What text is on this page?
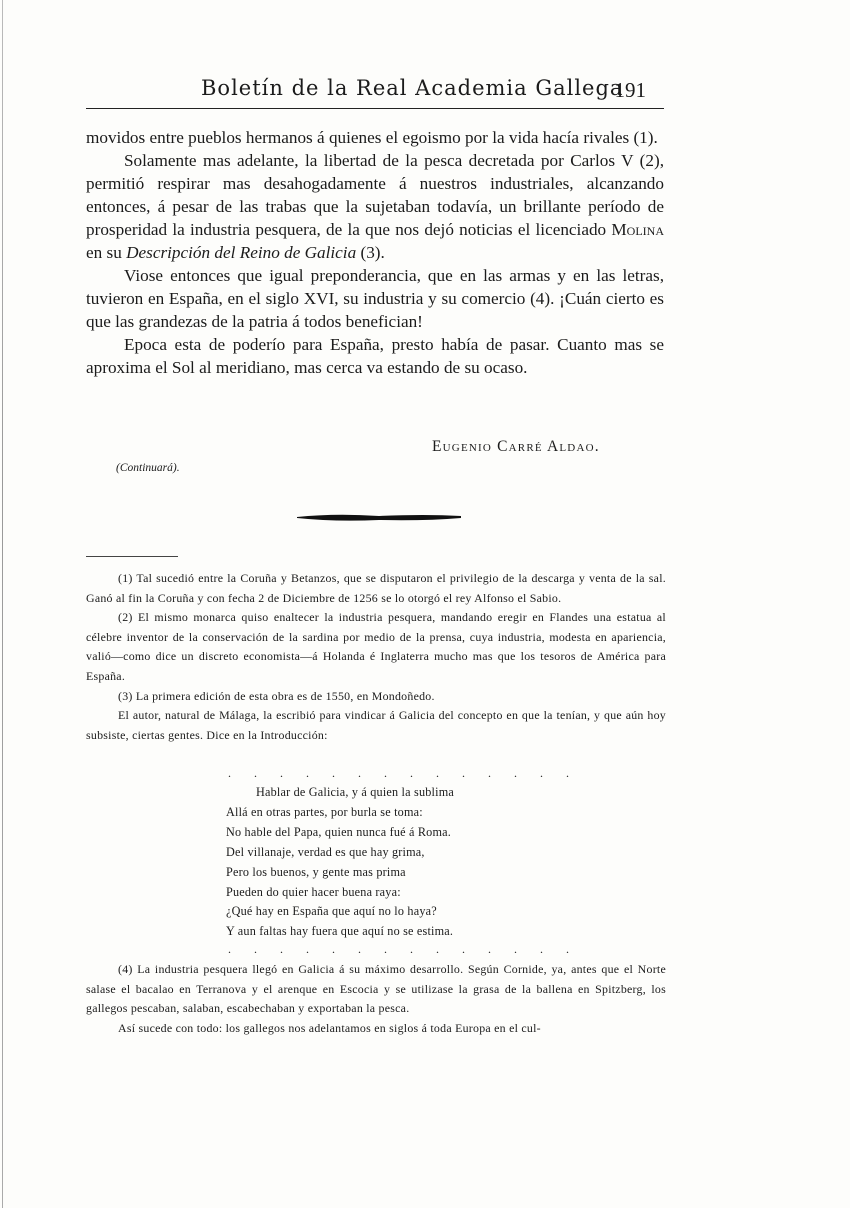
Boletín de la Real Academia Gallega
191

movidos entre pueblos hermanos á quienes el egoismo por la vida hacía rivales (1).

Solamente mas adelante, la libertad de la pesca decretada por Carlos V (2), permitió respirar mas desahogadamente á nuestros industriales, alcanzando entonces, á pesar de las trabas que la sujetaban todavía, un brillante período de prosperidad la industria pesquera, de la que nos dejó noticias el licenciado Molina en su Descripción del Reino de Galicia (3).

Viose entonces que igual preponderancia, que en las armas y en las letras, tuvieron en España, en el siglo XVI, su industria y su comercio (4). ¡Cuán cierto es que las grandezas de la patria á todos benefician!

Epoca esta de poderío para España, presto había de pasar. Cuanto mas se aproxima el Sol al meridiano, mas cerca va estando de su ocaso.

Eugenio Carré Aldao.
(Continuará).

(1) Tal sucedió entre la Coruña y Betanzos, que se disputaron el privilegio de la descarga y venta de la sal. Ganó al fin la Coruña y con fecha 2 de Diciembre de 1256 se lo otorgó el rey Alfonso el Sabio.

(2) El mismo monarca quiso enaltecer la industria pesquera, mandando eregir en Flandes una estatua al célebre inventor de la conservación de la sardina por medio de la prensa, cuya industria, modesta en apariencia, valió—como dice un discreto economista—á Holanda é Inglaterra mucho mas que los tesoros de América para España.

(3) La primera edición de esta obra es de 1550, en Mondoñedo.

El autor, natural de Málaga, la escribió para vindicar á Galicia del concepto en que la tenían, y que aún hoy subsiste, ciertas gentes. Dice en la Introducción:

. . . . . . . . . . . . . .
Hablar de Galicia, y á quien la sublima
Allá en otras partes, por burla se toma:
No hable del Papa, quien nunca fué á Roma.
Del villanaje, verdad es que hay grima,
Pero los buenos, y gente mas prima
Pueden do quier hacer buena raya:
¿Qué hay en España que aquí no lo haya?
Y aun faltas hay fuera que aquí no se estima.
. . . . . . . . . . . . . .

(4) La industria pesquera llegó en Galicia á su máximo desarrollo. Según Cornide, ya, antes que el Norte salase el bacalao en Terranova y el arenque en Escocia y se utilizase la grasa de la ballena en Spitzberg, los gallegos pescaban, salaban, escabechaban y exportaban la pesca.

Así sucede con todo: los gallegos nos adelantamos en siglos á toda Europa en el cul-
